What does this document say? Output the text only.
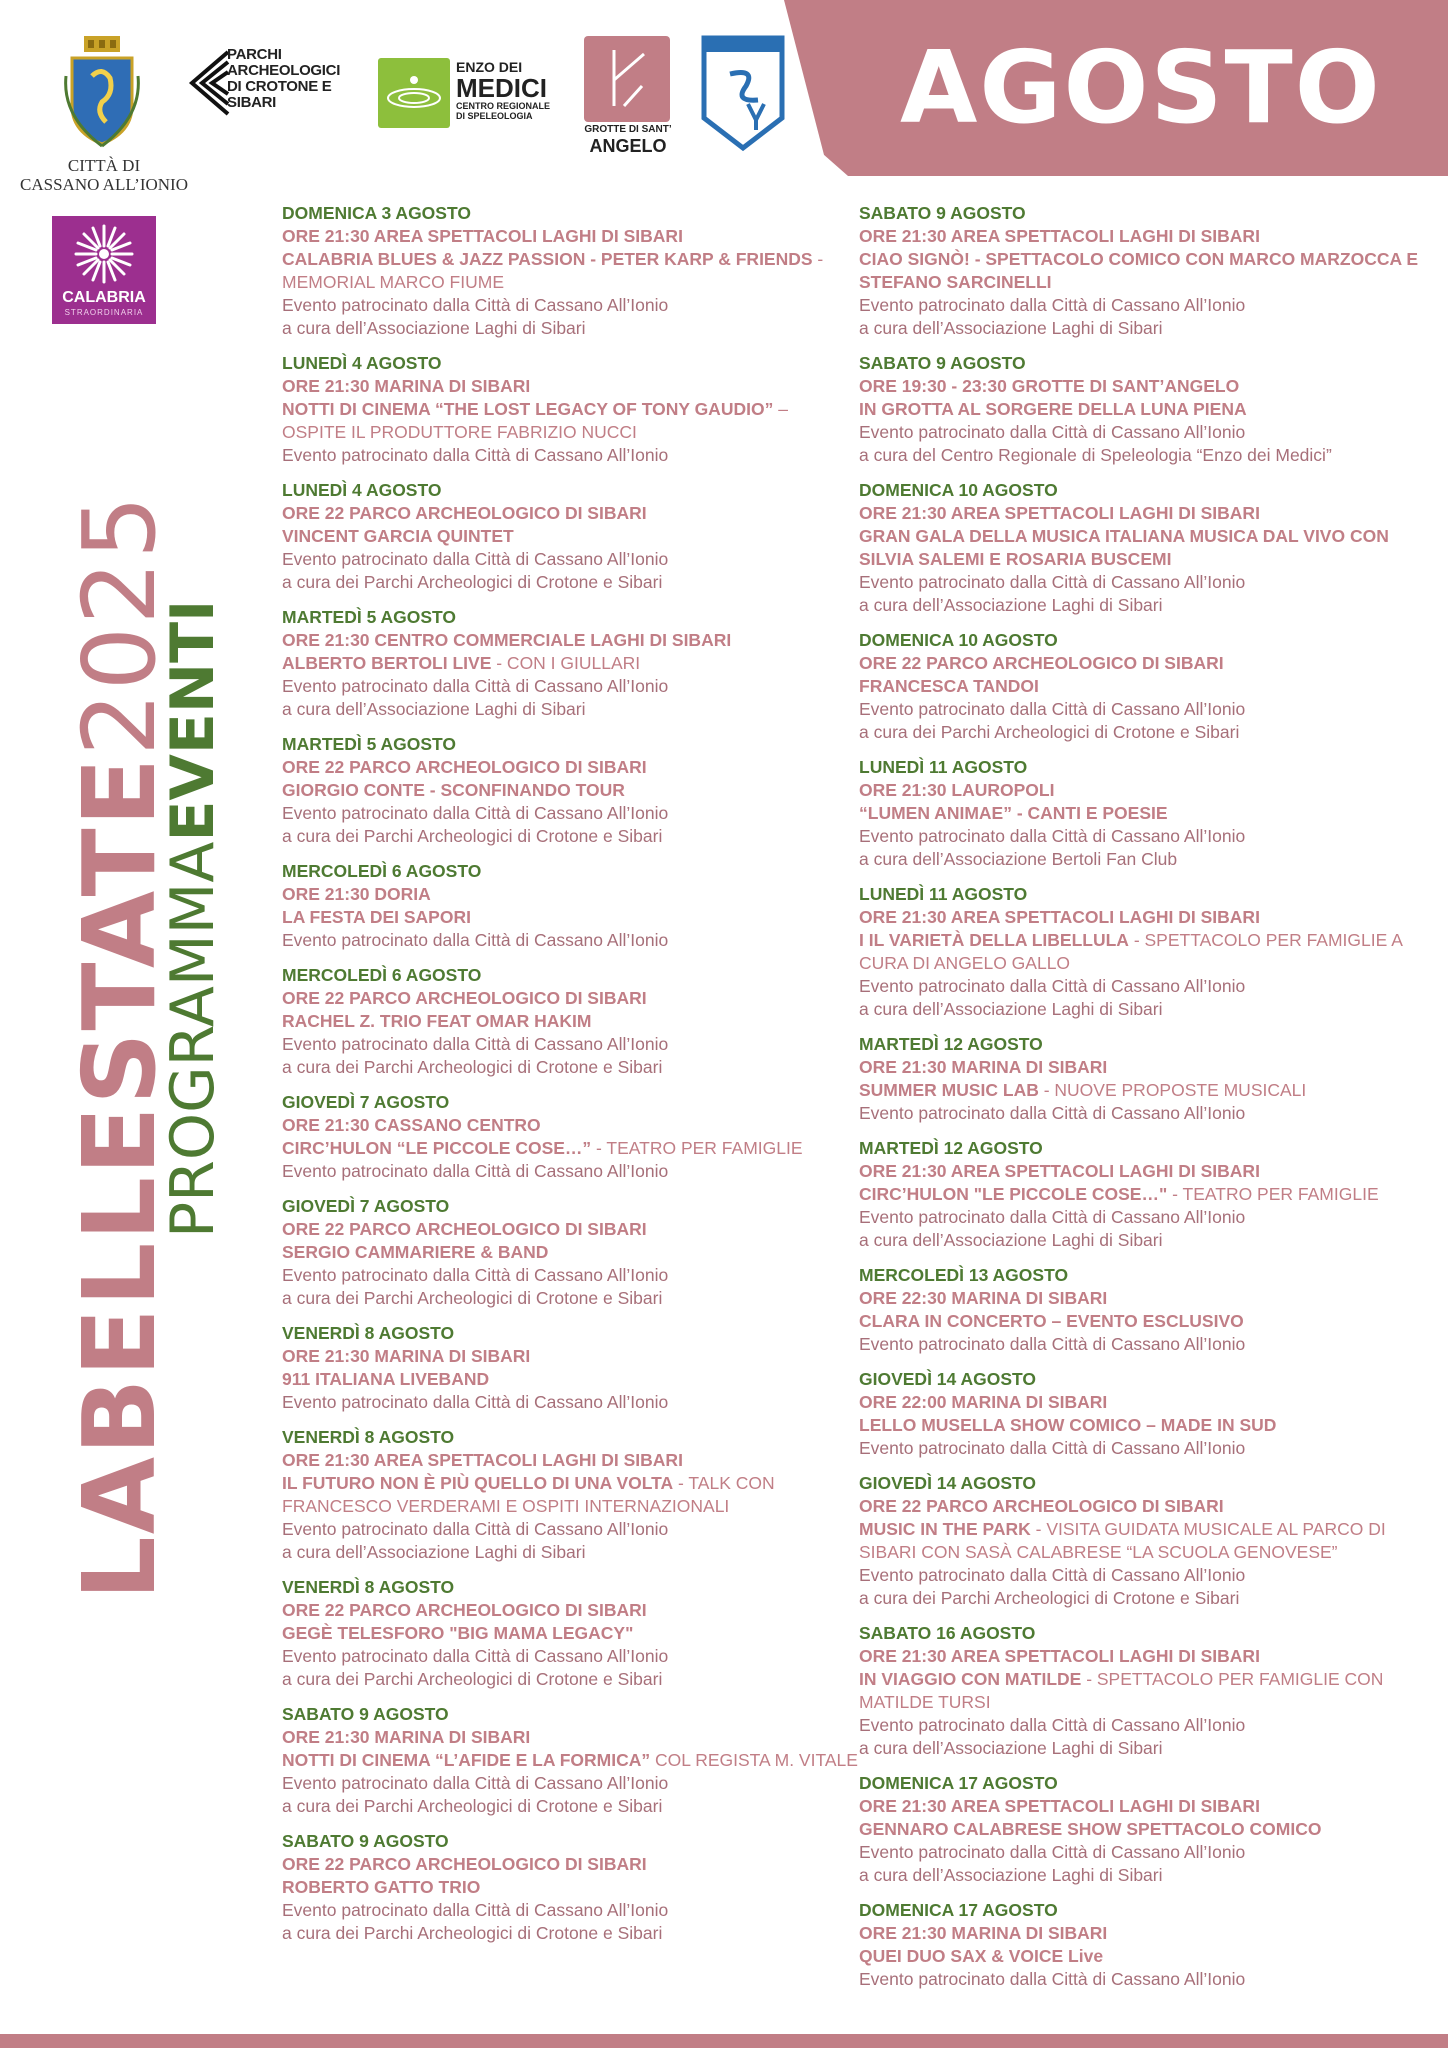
AGOSTO
CITTÀ DI
CASSANO ALL’IONIO
PARCHI
ARCHEOLOGICI
DI CROTONE E SIBARI
ENZO DEI
MEDICI
CENTRO REGIONALE
DI SPELEOLOGIA
GROTTE DI SANT’
ANGELO
CALABRIA
STRAORDINARIA
LABELLESTATE2025
PROGRAMMAEVENTI
DOMENICA 3 AGOSTO
ORE 21:30 AREA SPETTACOLI LAGHI DI SIBARI
CALABRIA BLUES & JAZZ PASSION - PETER KARP & FRIENDS -
MEMORIAL MARCO FIUME
Evento patrocinato dalla Città di Cassano All’Ionio
a cura dell’Associazione Laghi di Sibari
LUNEDÌ 4 AGOSTO
ORE 21:30 MARINA DI SIBARI
NOTTI DI CINEMA “THE LOST LEGACY OF TONY GAUDIO” –
OSPITE IL PRODUTTORE FABRIZIO NUCCI
Evento patrocinato dalla Città di Cassano All’Ionio
LUNEDÌ 4 AGOSTO
ORE 22 PARCO ARCHEOLOGICO DI SIBARI
VINCENT GARCIA QUINTET
Evento patrocinato dalla Città di Cassano All’Ionio
a cura dei Parchi Archeologici di Crotone e Sibari
MARTEDÌ 5 AGOSTO
ORE 21:30 CENTRO COMMERCIALE LAGHI DI SIBARI
ALBERTO BERTOLI LIVE - CON I GIULLARI
Evento patrocinato dalla Città di Cassano All’Ionio
a cura dell’Associazione Laghi di Sibari
MARTEDÌ 5 AGOSTO
ORE 22 PARCO ARCHEOLOGICO DI SIBARI
GIORGIO CONTE - SCONFINANDO TOUR
Evento patrocinato dalla Città di Cassano All’Ionio
a cura dei Parchi Archeologici di Crotone e Sibari
MERCOLEDÌ 6 AGOSTO
ORE 21:30 DORIA
LA FESTA DEI SAPORI
Evento patrocinato dalla Città di Cassano All’Ionio
MERCOLEDÌ 6 AGOSTO
ORE 22 PARCO ARCHEOLOGICO DI SIBARI
RACHEL Z. TRIO FEAT OMAR HAKIM
Evento patrocinato dalla Città di Cassano All’Ionio
a cura dei Parchi Archeologici di Crotone e Sibari
GIOVEDÌ 7 AGOSTO
ORE 21:30 CASSANO CENTRO
CIRC’HULON “LE PICCOLE COSE…” - TEATRO PER FAMIGLIE
Evento patrocinato dalla Città di Cassano All’Ionio
GIOVEDÌ 7 AGOSTO
ORE 22 PARCO ARCHEOLOGICO DI SIBARI
SERGIO CAMMARIERE & BAND
Evento patrocinato dalla Città di Cassano All’Ionio
a cura dei Parchi Archeologici di Crotone e Sibari
VENERDÌ 8 AGOSTO
ORE 21:30 MARINA DI SIBARI
911 ITALIANA LIVEBAND
Evento patrocinato dalla Città di Cassano All’Ionio
VENERDÌ 8 AGOSTO
ORE 21:30 AREA SPETTACOLI LAGHI DI SIBARI
IL FUTURO NON È PIÙ QUELLO DI UNA VOLTA - TALK CON
FRANCESCO VERDERAMI E OSPITI INTERNAZIONALI
Evento patrocinato dalla Città di Cassano All’Ionio
a cura dell’Associazione Laghi di Sibari
VENERDÌ 8 AGOSTO
ORE 22 PARCO ARCHEOLOGICO DI SIBARI
GEGÈ TELESFORO "BIG MAMA LEGACY"
Evento patrocinato dalla Città di Cassano All’Ionio
a cura dei Parchi Archeologici di Crotone e Sibari
SABATO 9 AGOSTO
ORE 21:30 MARINA DI SIBARI
NOTTI DI CINEMA “L’AFIDE E LA FORMICA” COL REGISTA M. VITALE
Evento patrocinato dalla Città di Cassano All’Ionio
a cura dei Parchi Archeologici di Crotone e Sibari
SABATO 9 AGOSTO
ORE 22 PARCO ARCHEOLOGICO DI SIBARI
ROBERTO GATTO TRIO
Evento patrocinato dalla Città di Cassano All’Ionio
a cura dei Parchi Archeologici di Crotone e Sibari
SABATO 9 AGOSTO
ORE 21:30 AREA SPETTACOLI LAGHI DI SIBARI
CIAO SIGNÒ! - SPETTACOLO COMICO CON MARCO MARZOCCA E
STEFANO SARCINELLI
Evento patrocinato dalla Città di Cassano All’Ionio
a cura dell’Associazione Laghi di Sibari
SABATO 9 AGOSTO
ORE 19:30 - 23:30 GROTTE DI SANT’ANGELO
IN GROTTA AL SORGERE DELLA LUNA PIENA
Evento patrocinato dalla Città di Cassano All’Ionio
a cura del Centro Regionale di Speleologia “Enzo dei Medici”
DOMENICA 10 AGOSTO
ORE 21:30 AREA SPETTACOLI LAGHI DI SIBARI
GRAN GALA DELLA MUSICA ITALIANA MUSICA DAL VIVO CON
SILVIA SALEMI E ROSARIA BUSCEMI
Evento patrocinato dalla Città di Cassano All’Ionio
a cura dell’Associazione Laghi di Sibari
DOMENICA 10 AGOSTO
ORE 22 PARCO ARCHEOLOGICO DI SIBARI
FRANCESCA TANDOI
Evento patrocinato dalla Città di Cassano All’Ionio
a cura dei Parchi Archeologici di Crotone e Sibari
LUNEDÌ 11 AGOSTO
ORE 21:30 LAUROPOLI
“LUMEN ANIMAE” - CANTI E POESIE
Evento patrocinato dalla Città di Cassano All’Ionio
a cura dell’Associazione Bertoli Fan Club
LUNEDÌ 11 AGOSTO
ORE 21:30 AREA SPETTACOLI LAGHI DI SIBARI
I IL VARIETÀ DELLA LIBELLULA - SPETTACOLO PER FAMIGLIE A
CURA DI ANGELO GALLO
Evento patrocinato dalla Città di Cassano All’Ionio
a cura dell’Associazione Laghi di Sibari
MARTEDÌ 12 AGOSTO
ORE 21:30 MARINA DI SIBARI
SUMMER MUSIC LAB - NUOVE PROPOSTE MUSICALI
Evento patrocinato dalla Città di Cassano All’Ionio
MARTEDÌ 12 AGOSTO
ORE 21:30 AREA SPETTACOLI LAGHI DI SIBARI
CIRC’HULON "LE PICCOLE COSE…" - TEATRO PER FAMIGLIE
Evento patrocinato dalla Città di Cassano All’Ionio
a cura dell’Associazione Laghi di Sibari
MERCOLEDÌ 13 AGOSTO
ORE 22:30 MARINA DI SIBARI
CLARA IN CONCERTO – EVENTO ESCLUSIVO
Evento patrocinato dalla Città di Cassano All’Ionio
GIOVEDÌ 14 AGOSTO
ORE 22:00 MARINA DI SIBARI
LELLO MUSELLA SHOW COMICO – MADE IN SUD
Evento patrocinato dalla Città di Cassano All’Ionio
GIOVEDÌ 14 AGOSTO
ORE 22 PARCO ARCHEOLOGICO DI SIBARI
MUSIC IN THE PARK - VISITA GUIDATA MUSICALE AL PARCO DI
SIBARI CON SASÀ CALABRESE “LA SCUOLA GENOVESE”
Evento patrocinato dalla Città di Cassano All’Ionio
a cura dei Parchi Archeologici di Crotone e Sibari
SABATO 16 AGOSTO
ORE 21:30 AREA SPETTACOLI LAGHI DI SIBARI
IN VIAGGIO CON MATILDE - SPETTACOLO PER FAMIGLIE CON
MATILDE TURSI
Evento patrocinato dalla Città di Cassano All’Ionio
a cura dell’Associazione Laghi di Sibari
DOMENICA 17 AGOSTO
ORE 21:30 AREA SPETTACOLI LAGHI DI SIBARI
GENNARO CALABRESE SHOW SPETTACOLO COMICO
Evento patrocinato dalla Città di Cassano All’Ionio
a cura dell’Associazione Laghi di Sibari
DOMENICA 17 AGOSTO
ORE 21:30 MARINA DI SIBARI
QUEI DUO SAX & VOICE Live
Evento patrocinato dalla Città di Cassano All’Ionio
